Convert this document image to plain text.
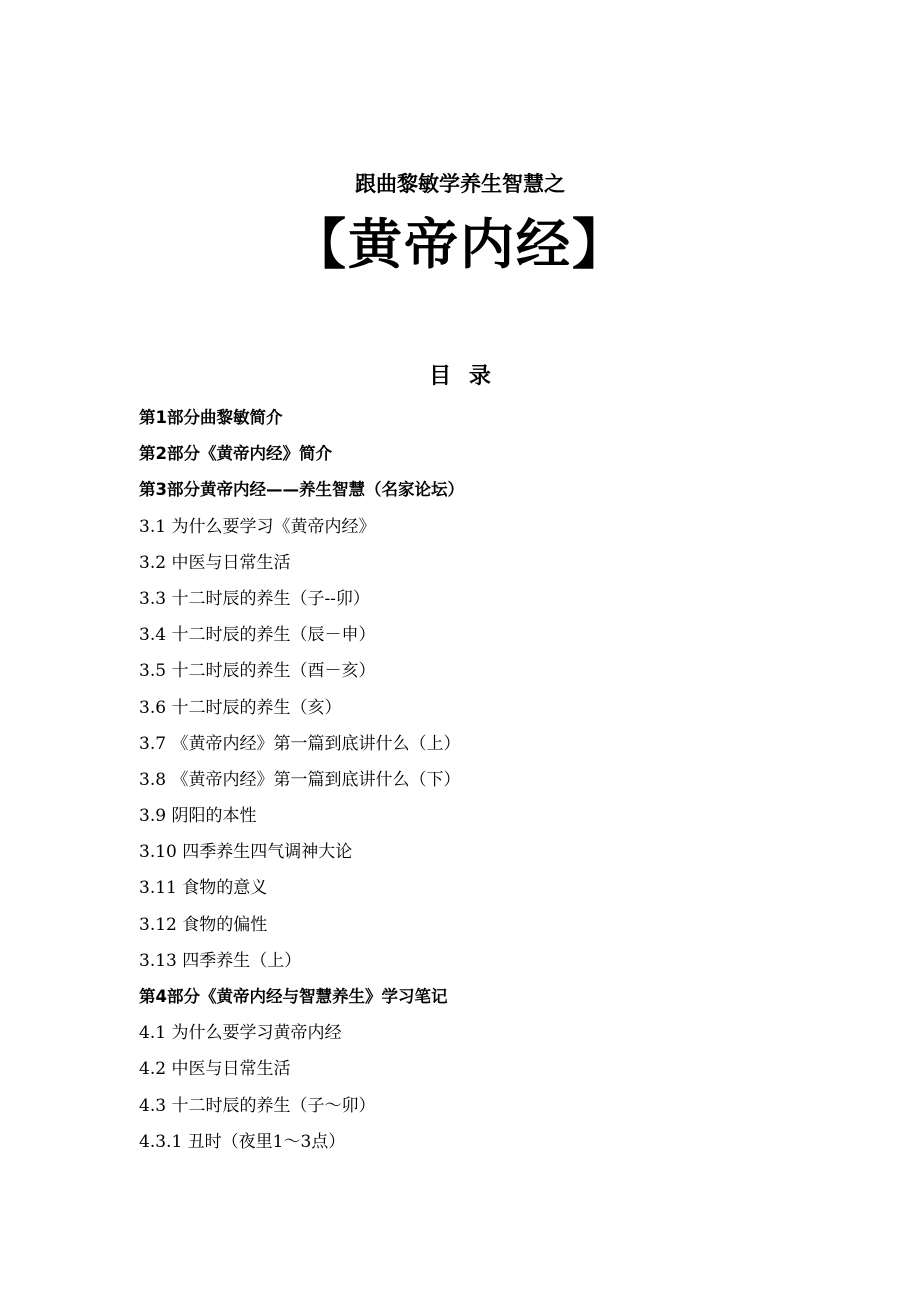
跟曲黎敏学养生智慧之
【黄帝内经】
目 录
第1部分曲黎敏简介
第2部分《黄帝内经》简介
第3部分黄帝内经——养生智慧（名家论坛）
3.1 为什么要学习《黄帝内经》
3.2 中医与日常生活
3.3 十二时辰的养生（子--卯）
3.4 十二时辰的养生（辰－申）
3.5 十二时辰的养生（酉－亥）
3.6 十二时辰的养生（亥）
3.7 《黄帝内经》第一篇到底讲什么（上）
3.8 《黄帝内经》第一篇到底讲什么（下）
3.9 阴阳的本性
3.10 四季养生四气调神大论
3.11 食物的意义
3.12 食物的偏性
3.13 四季养生（上）
第4部分《黄帝内经与智慧养生》学习笔记
4.1 为什么要学习黄帝内经
4.2 中医与日常生活
4.3 十二时辰的养生（子～卯）
4.3.1 丑时（夜里1～3点）
